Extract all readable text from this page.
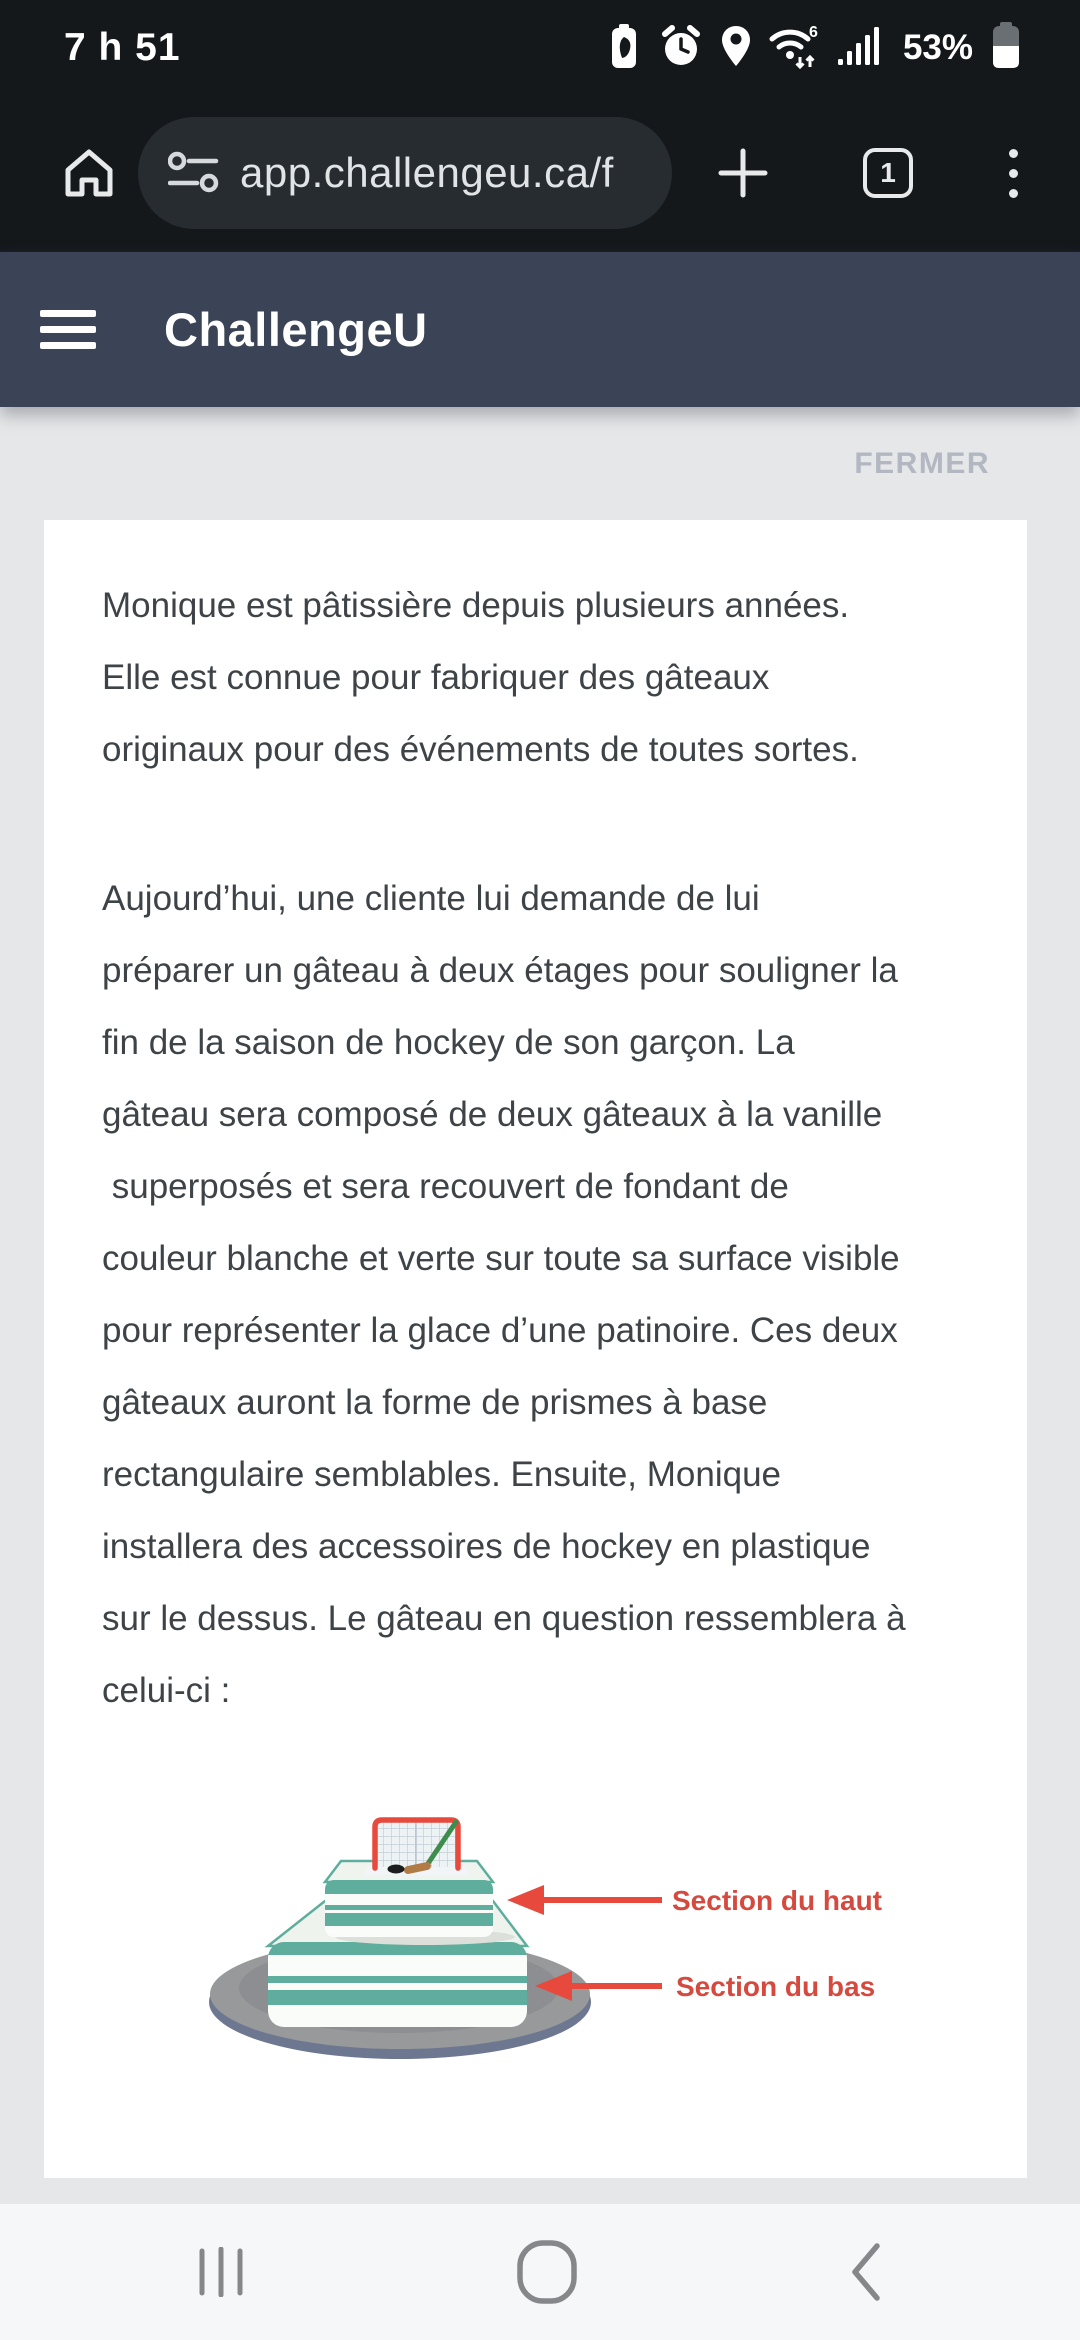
7 h 51	6 53%
app.challengeu.ca/f	1
ChallengeU
FERMER
Monique est pâtissière depuis plusieurs années.
Elle est connue pour fabriquer des gâteaux
originaux pour des événements de toutes sortes.
Aujourd’hui, une cliente lui demande de lui
préparer un gâteau à deux étages pour souligner la
fin de la saison de hockey de son garçon. La
gâteau sera composé de deux gâteaux à la vanille
superposés et sera recouvert de fondant de
couleur blanche et verte sur toute sa surface visible
pour représenter la glace d’une patinoire. Ces deux
gâteaux auront la forme de prismes à base
rectangulaire semblables. Ensuite, Monique
installera des accessoires de hockey en plastique
sur le dessus. Le gâteau en question ressemblera à
celui-ci :
Section du haut
Section du bas
